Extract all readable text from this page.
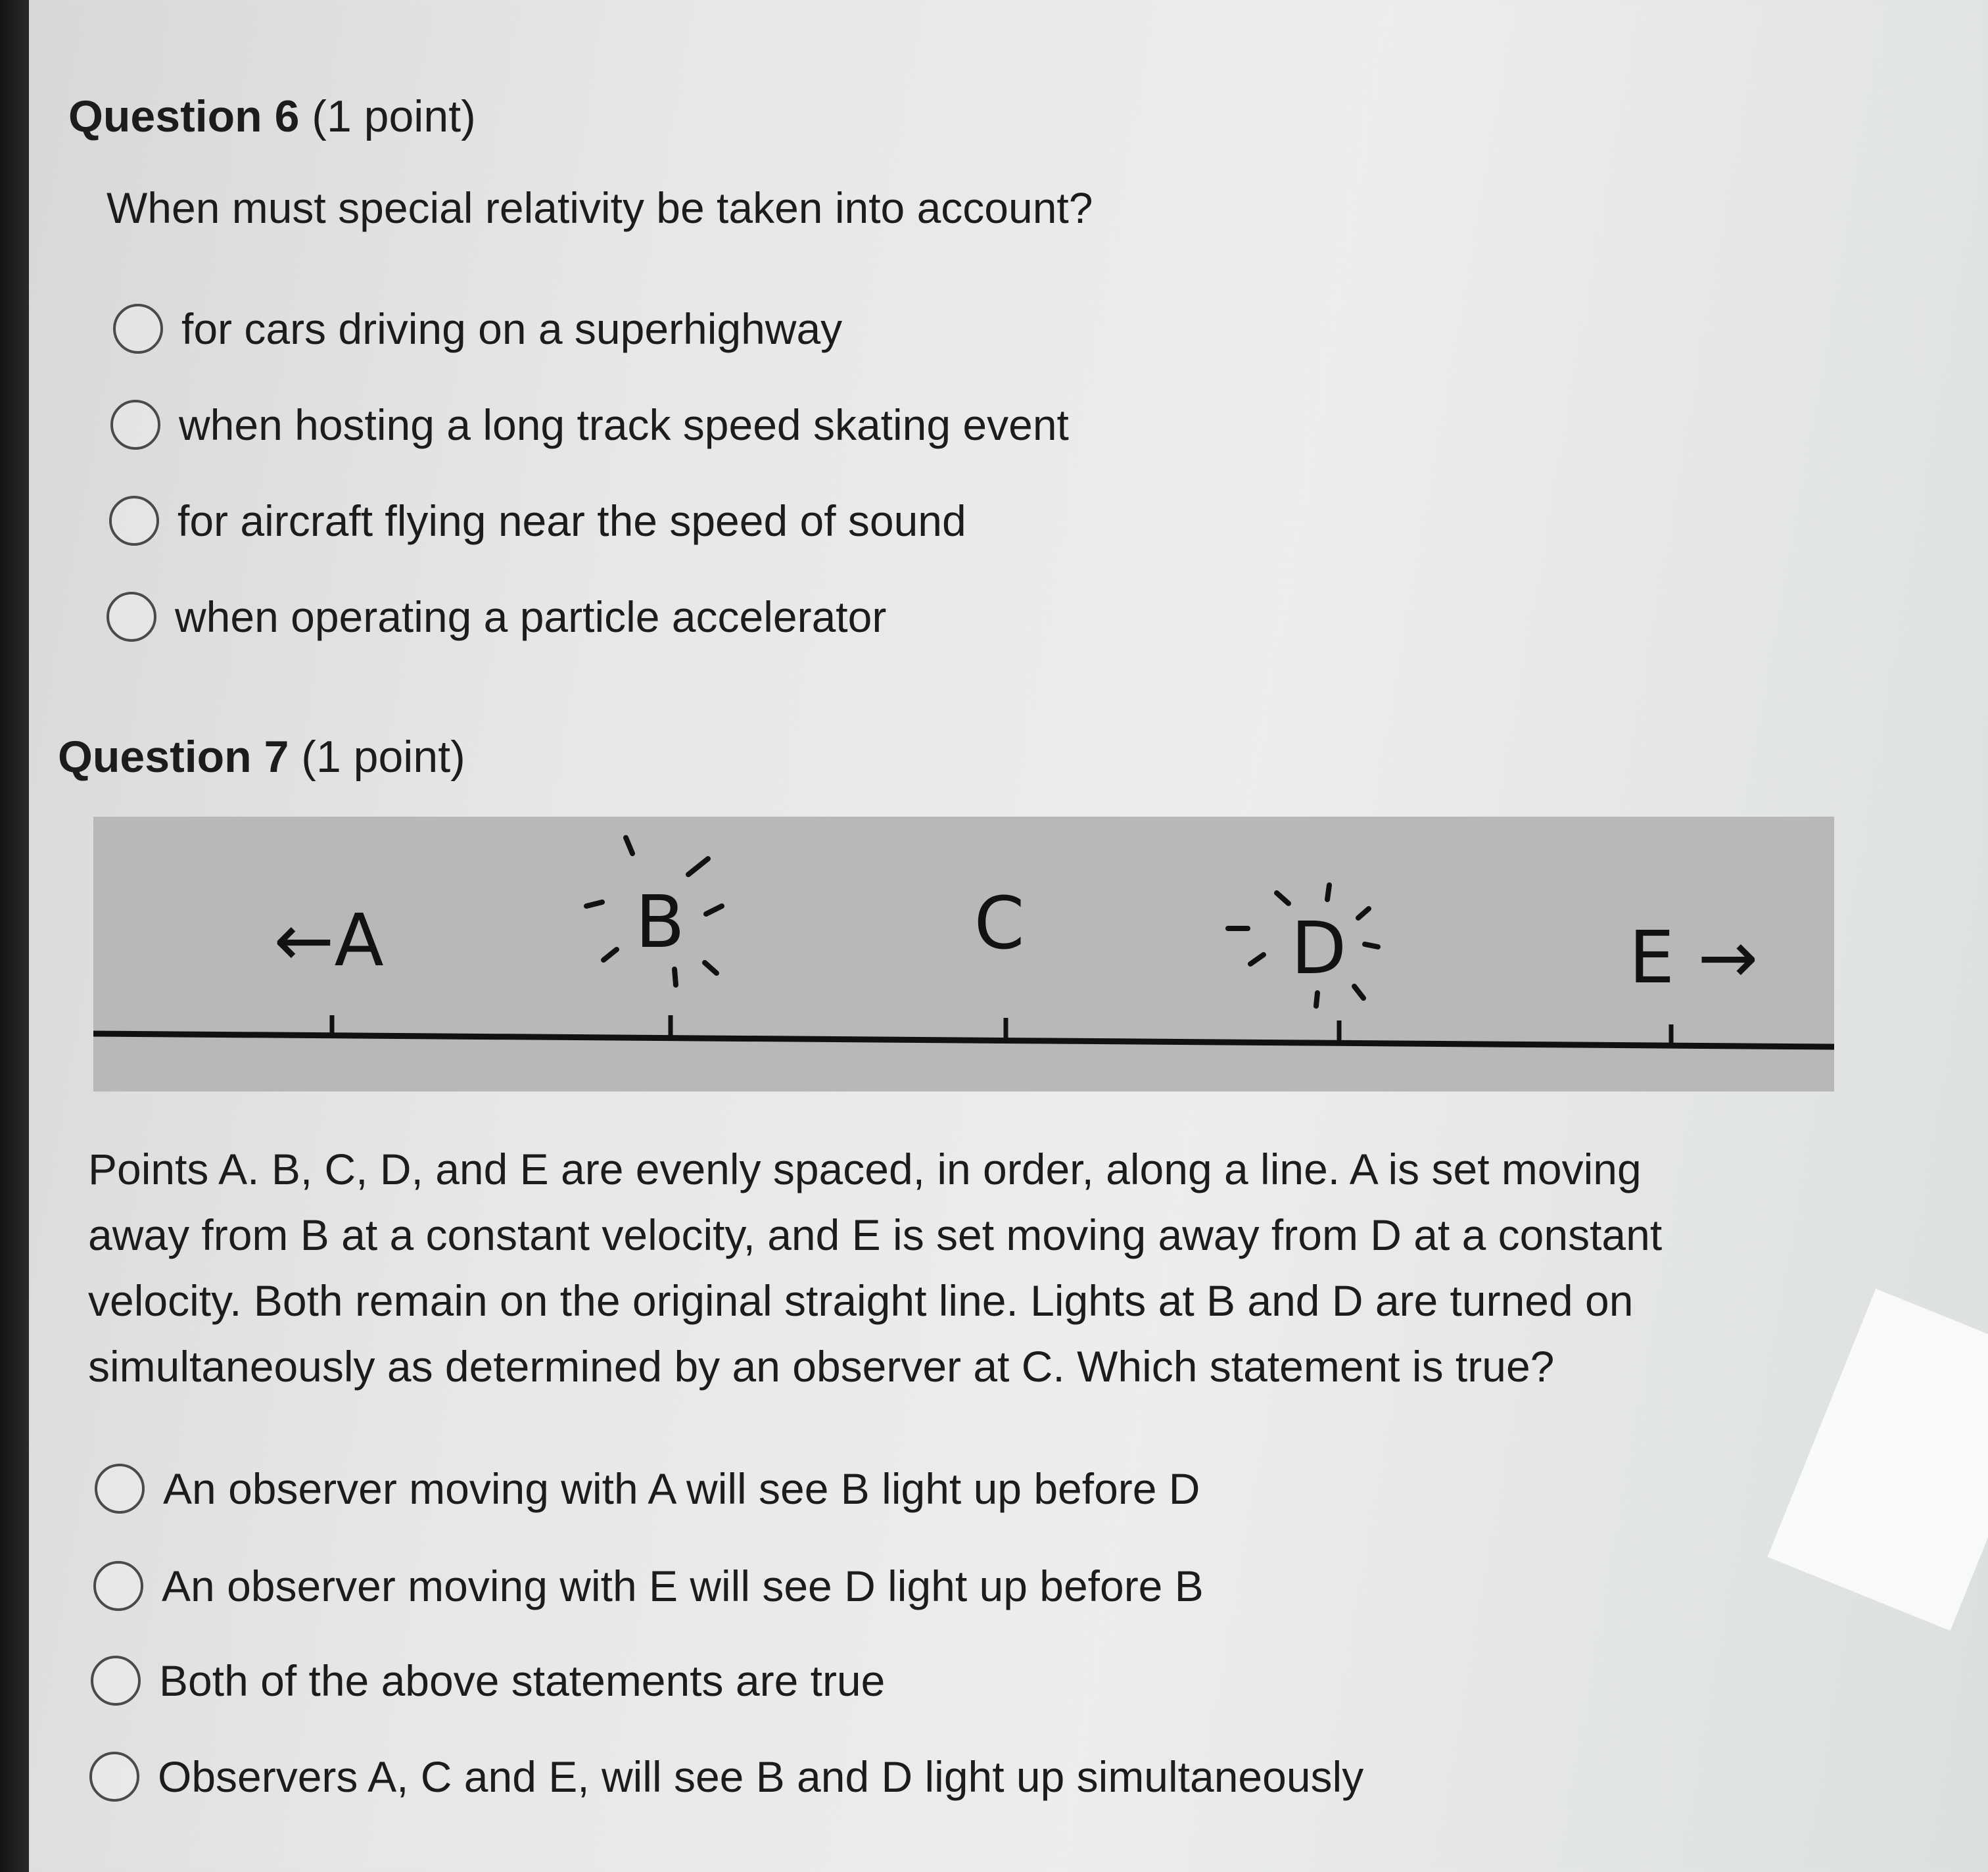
Question 6 (1 point)
When must special relativity be taken into account?
for cars driving on a superhighway
when hosting a long track speed skating event
for aircraft flying near the speed of sound
when operating a particle accelerator
Question 7 (1 point)
←A	B	C	D	E →

Points A. B, C, D, and E are evenly spaced, in order, along a line. A is set moving

away from B at a constant velocity, and E is set moving away from D at a constant

velocity. Both remain on the original straight line. Lights at B and D are turned on

simultaneously as determined by an observer at C. Which statement is true?

An observer moving with A will see B light up before D
An observer moving with E will see D light up before B
Both of the above statements are true
Observers A, C and E, will see B and D light up simultaneously
